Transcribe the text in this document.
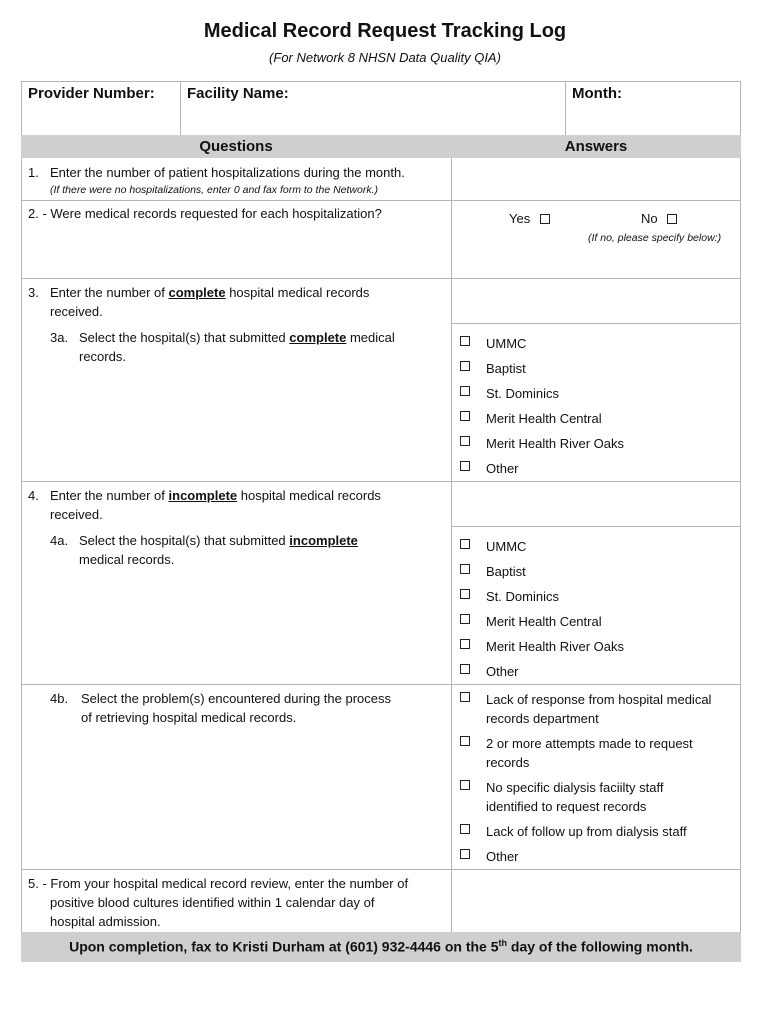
Medical Record Request Tracking Log
(For Network 8 NHSN Data Quality QIA)
Provider Number: Facility Name:	Month:
Questions	Answers
1. Enter the number of patient hospitalizations during the month.
(If there were no hospitalizations, enter 0 and fax form to the Network.)
2. - Were medical records requested for each hospitalization?	Yes	No
(If no, please specify below:)
3. Enter the number of complete hospital medical records
received.
3a. Select the hospital(s) that submitted complete medical
records.
UMMC
Baptist
St. Dominics
Merit Health Central
Merit Health River Oaks
Other
4. Enter the number of incomplete hospital medical records
received.
4a. Select the hospital(s) that submitted incomplete
medical records.
UMMC
Baptist
St. Dominics
Merit Health Central
Merit Health River Oaks
Other
4b. Select the problem(s) encountered during the process
of retrieving hospital medical records.
Lack of response from hospital medical
records department
2 or more attempts made to request
records
No specific dialysis faciilty staff
identified to request records
Lack of follow up from dialysis staff
Other
5. - From your hospital medical record review, enter the number of
positive blood cultures identified within 1 calendar day of
hospital admission.
Upon completion, fax to Kristi Durham at (601) 932-4446 on the 5th day of the following month.
